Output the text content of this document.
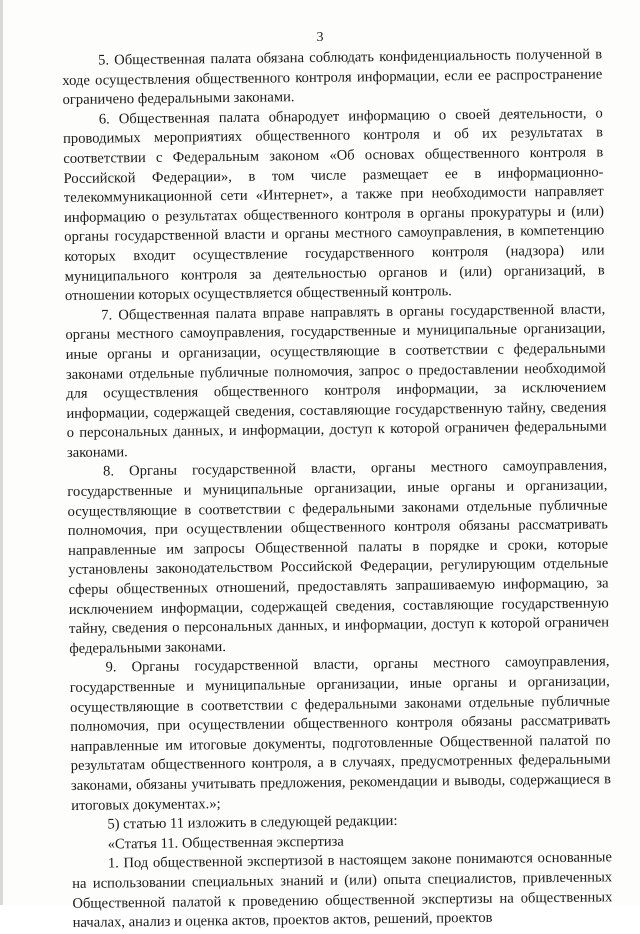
3

5. Общественная палата обязана соблюдать конфиденциальность полученной в ходе осуществления общественного контроля информации, если ее распространение ограничено федеральными законами.

6. Общественная палата обнародует информацию о своей деятельности, о проводимых мероприятиях общественного контроля и об их результатах в соответствии с Федеральным законом «Об основах общественного контроля в Российской Федерации», в том числе размещает ее в информационно-телекоммуникационной сети «Интернет», а также при необходимости направляет информацию о результатах общественного контроля в органы прокуратуры и (или) органы государственной власти и органы местного самоуправления, в компетенцию которых входит осуществление государственного контроля (надзора) или муниципального контроля за деятельностью органов и (или) организаций, в отношении которых осуществляется общественный контроль.

7. Общественная палата вправе направлять в органы государственной власти, органы местного самоуправления, государственные и муниципальные организации, иные органы и организации, осуществляющие в соответствии с федеральными законами отдельные публичные полномочия, запрос о предоставлении необходимой для осуществления общественного контроля информации, за исключением информации, содержащей сведения, составляющие государственную тайну, сведения о персональных данных, и информации, доступ к которой ограничен федеральными законами.

8. Органы государственной власти, органы местного самоуправления, государственные и муниципальные организации, иные органы и организации, осуществляющие в соответствии с федеральными законами отдельные публичные полномочия, при осуществлении общественного контроля обязаны рассматривать направленные им запросы Общественной палаты в порядке и сроки, которые установлены законодательством Российской Федерации, регулирующим отдельные сферы общественных отношений, предоставлять запрашиваемую информацию, за исключением информации, содержащей сведения, составляющие государственную тайну, сведения о персональных данных, и информации, доступ к которой ограничен федеральными законами.

9. Органы государственной власти, органы местного самоуправления, государственные и муниципальные организации, иные органы и организации, осуществляющие в соответствии с федеральными законами отдельные публичные полномочия, при осуществлении общественного контроля обязаны рассматривать направленные им итоговые документы, подготовленные Общественной палатой по результатам общественного контроля, а в случаях, предусмотренных федеральными законами, обязаны учитывать предложения, рекомендации и выводы, содержащиеся в итоговых документах.»;

5) статью 11 изложить в следующей редакции:

«Статья 11. Общественная экспертиза

1. Под общественной экспертизой в настоящем законе понимаются основанные на использовании специальных знаний и (или) опыта специалистов, привлеченных Общественной палатой к проведению общественной экспертизы на общественных началах, анализ и оценка актов, проектов актов, решений, проектов
